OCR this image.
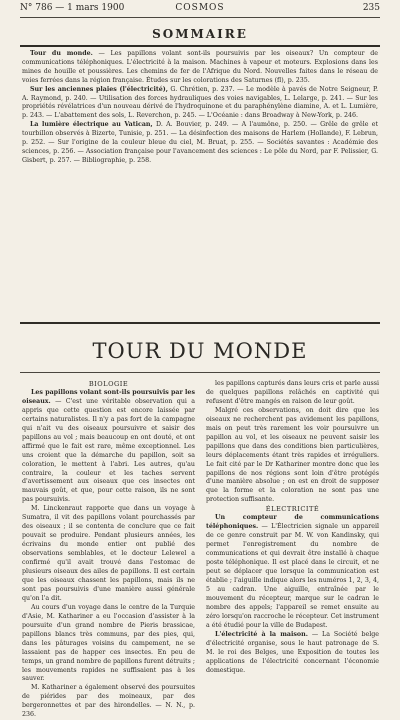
N° 786 — 1 mars 1900	COSMOS	235
SOMMAIRE

Tour du monde. — Les papillons volant sont-ils poursuivis par les oiseaux? Un compteur de communications téléphoniques. L'électricité à la maison. Machines à vapeur et moteurs. Explosions dans les mines de houille et poussières. Les chemins de fer de l'Afrique du Nord. Nouvelles faites dans le réseau de voies ferrées dans la région française. Études sur les colorations des Saturnes (fl), p. 235.

Sur les anciennes plaies (l'électricité), G. Chrétien, p. 237. — Le modèle à pavés de Notre Seigneur, P. A. Raymond, p. 240. — Utilisation des forces hydrauliques des voies navigables, L. Lelarge, p. 241. — Sur les propriétés révélatrices d'un nouveau dérivé de l'hydroquinone et du paraphénylène diamine, A. et L. Lumière, p. 243. — L'abattement des sols, L. Reverchon, p. 245. — L'Océanie : dans Broadway à New-York, p. 246.

La lumière électrique au Vatican, D. A. Bouvier, p. 249. — A l'aumône, p. 250. — Grêle de grêle et tourbillon observés à Bizerte, Tunisie, p. 251. — La désinfection des maisons de Harlem (Hollande), F. Lebrun, p. 252. — Sur l'origine de la couleur bleue du ciel, M. Bruat, p. 255. — Sociétés savantes : Académie des sciences, p. 256. — Association française pour l'avancement des sciences : Le pôle du Nord, par F. Pelissier, G. Gisbert, p. 257. — Bibliographie, p. 258.

TOUR DU MONDE

BIOLOGIE

Les papillons volant sont-ils poursuivis par les oiseaux. — C'est une véritable observation qui a appris que cette question est encore laissée par certains naturalistes. Il n'y a pas fort de la campagne qui n'ait vu des oiseaux poursuivre et saisir des papillons au vol ; mais beaucoup en ont douté, et ont affirmé que le fait est rare, même exceptionnel. Les uns croient que la démarche du papillon, soit sa coloration, le mettent à l'abri. Les autres, qu'au contraire, la couleur et les taches servent d'avertissement aux oiseaux que ces insectes ont mauvais goût, et que, pour cette raison, ils ne sont pas poursuivis.

M. Linckenraut rapporte que dans un voyage à Sumatra, il vit des papillons volant pourchassés par des oiseaux ; il se contenta de conclure que ce fait pouvait se produire. Pendant plusieurs années, les écrivains du monde entier ont publié des observations semblables, et le docteur Lelewel a confirmé qu'il avait trouvé dans l'estomac de plusieurs oiseaux des ailes de papillons. Il est certain que les oiseaux chassent les papillons, mais ils ne sont pas poursuivis d'une manière aussi générale qu'on l'a dit.

Au cours d'un voyage dans le centre de la Turquie d'Asie, M. Kathariner a eu l'occasion d'assister à la poursuite d'un grand nombre de Pieris brassicae, papillons blancs très communs, par des pies, qui, dans les pâturages voisins du campement, ne se lassaient pas de happer ces insectes. En peu de temps, un grand nombre de papillons furent détruits ; les mouvements rapides ne suffisaient pas à les sauver.

M. Kathariner a également observé des poursuites de piérides par des moineaux, par des bergeronnettes et par des hirondelles. — N. N., p. 236.

les papillons capturés dans leurs cris et parle aussi de quelques papillons relâchés en captivité qui refusent d'être mangés en raison de leur goût.

Malgré ces observations, on doit dire que les oiseaux ne recherchent pas avidement les papillons, mais on peut très rarement les voir poursuivre un papillon au vol, et les oiseaux ne peuvent saisir les papillons que dans des conditions bien particulières, leurs déplacements étant très rapides et irréguliers. Le fait cité par le Dr Kathariner montre donc que les papillons de nos régions sont loin d'être protégés d'une manière absolue ; on est en droit de supposer que la forme et la coloration ne sont pas une protection suffisante.

ÉLECTRICITÉ

Un compteur de communications téléphoniques. — L'Électricien signale un appareil de ce genre construit par M. W. von Kandinsky, qui permet l'enregistrement du nombre de communications et qui devrait être installé à chaque poste téléphonique. Il est placé dans le circuit, et ne peut se déplacer que lorsque la communication est établie ; l'aiguille indique alors les numéros 1, 2, 3, 4, 5 au cadran. Une aiguille, entraînée par le mouvement du récepteur, marque sur le cadran le nombre des appels; l'appareil se remet ensuite au zéro lorsqu'on raccroche le récepteur. Cet instrument a été étudié pour la ville de Budapest.

L'électricité à la maison. — La Société belge d'électricité organise, sous le haut patronage de S. M. le roi des Belges, une Exposition de toutes les applications de l'électricité concernant l'économie domestique.
